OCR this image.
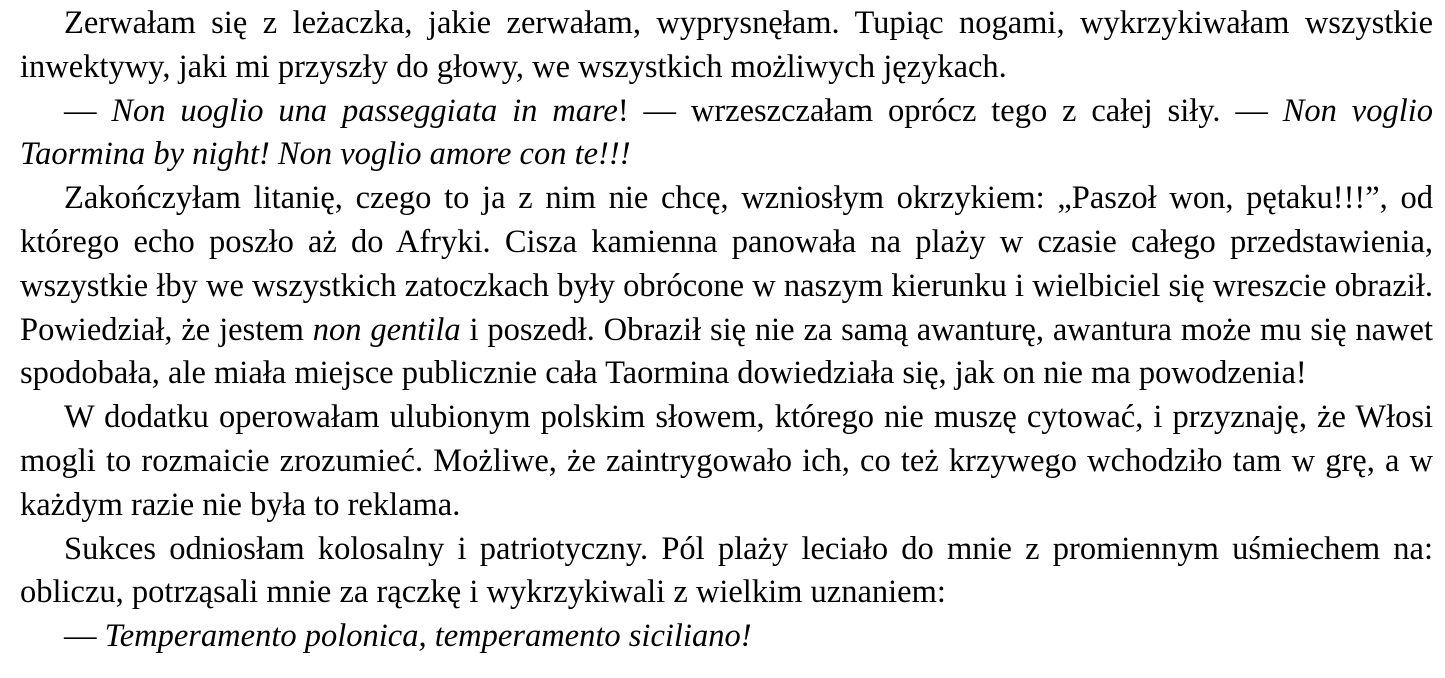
Zerwałam się z leżaczka, jakie zerwałam, wyprysnęłam. Tupiąc nogami, wykrzykiwałam wszystkie inwektywy, jaki mi przyszły do głowy, we wszystkich możliwych językach.

— Non uoglio una passeggiata in mare! — wrzeszczałam oprócz tego z całej siły. — Non voglio Taormina by night! Non voglio amore con te!!!

Zakończyłam litanię, czego to ja z nim nie chcę, wzniosłym okrzykiem: „Paszoł won, pętaku!!!”, od którego echo poszło aż do Afryki. Cisza kamienna panowała na plaży w czasie całego przedstawienia, wszystkie łby we wszystkich zatoczkach były obrócone w naszym kierunku i wielbiciel się wreszcie obraził. Powiedział, że jestem non gentila i poszedł. Obraził się nie za samą awanturę, awantura może mu się nawet spodobała, ale miała miejsce publicznie cała Taormina dowiedziała się, jak on nie ma powodzenia!

W dodatku operowałam ulubionym polskim słowem, którego nie muszę cytować, i przyznaję, że Włosi mogli to rozmaicie zrozumieć. Możliwe, że zaintrygowało ich, co też krzywego wchodziło tam w grę, a w każdym razie nie była to reklama.

Sukces odniosłam kolosalny i patriotyczny. Pól plaży leciało do mnie z promiennym uśmiechem na: obliczu, potrząsali mnie za rączkę i wykrzykiwali z wielkim uznaniem:

— Temperamento polonica, temperamento siciliano!
